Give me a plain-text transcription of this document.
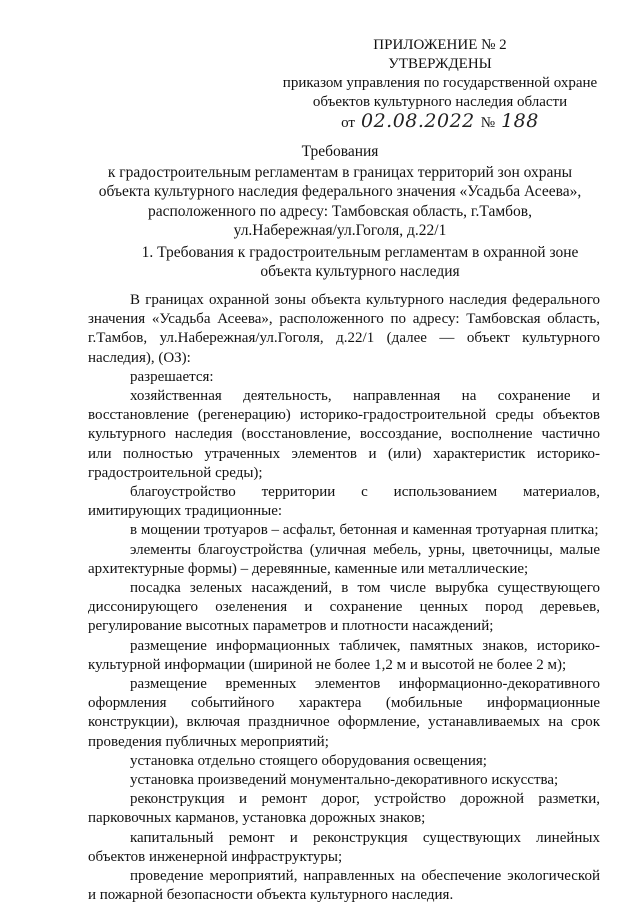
ПРИЛОЖЕНИЕ № 2
УТВЕРЖДЕНЫ
приказом управления по государственной охране
объектов культурного наследия области
от 02.08.2022 № 188
Требования
к градостроительным регламентам в границах территорий зон охраны
объекта культурного наследия федерального значения «Усадьба Асеева»,
расположенного по адресу: Тамбовская область, г.Тамбов,
ул.Набережная/ул.Гоголя, д.22/1
1. Требования к градостроительным регламентам в охранной зоне
объекта культурного наследия

В границах охранной зоны объекта культурного наследия федерального значения «Усадьба Асеева», расположенного по адресу: Тамбовская область, г.Тамбов, ул.Набережная/ул.Гоголя, д.22/1 (далее — объект культурного наследия), (ОЗ):

разрешается:

хозяйственная деятельность, направленная на сохранение и восстановление (регенерацию) историко-градостроительной среды объектов культурного наследия (восстановление, воссоздание, восполнение частично или полностью утраченных элементов и (или) характеристик историко-градостроительной среды);

благоустройство территории с использованием материалов, имитирующих традиционные:

в мощении тротуаров – асфальт, бетонная и каменная тротуарная плитка;

элементы благоустройства (уличная мебель, урны, цветочницы, малые архитектурные формы) – деревянные, каменные или металлические;

посадка зеленых насаждений, в том числе вырубка существующего диссонирующего озеленения и сохранение ценных пород деревьев, регулирование высотных параметров и плотности насаждений;

размещение информационных табличек, памятных знаков, историко-культурной информации (шириной не более 1,2 м и высотой не более 2 м);

размещение временных элементов информационно-декоративного оформления событийного характера (мобильные информационные конструкции), включая праздничное оформление, устанавливаемых на срок проведения публичных мероприятий;

установка отдельно стоящего оборудования освещения;

установка произведений монументально-декоративного искусства;

реконструкция и ремонт дорог, устройство дорожной разметки, парковочных карманов, установка дорожных знаков;

капитальный ремонт и реконструкция существующих линейных объектов инженерной инфраструктуры;

проведение мероприятий, направленных на обеспечение экологической и пожарной безопасности объекта культурного наследия.
